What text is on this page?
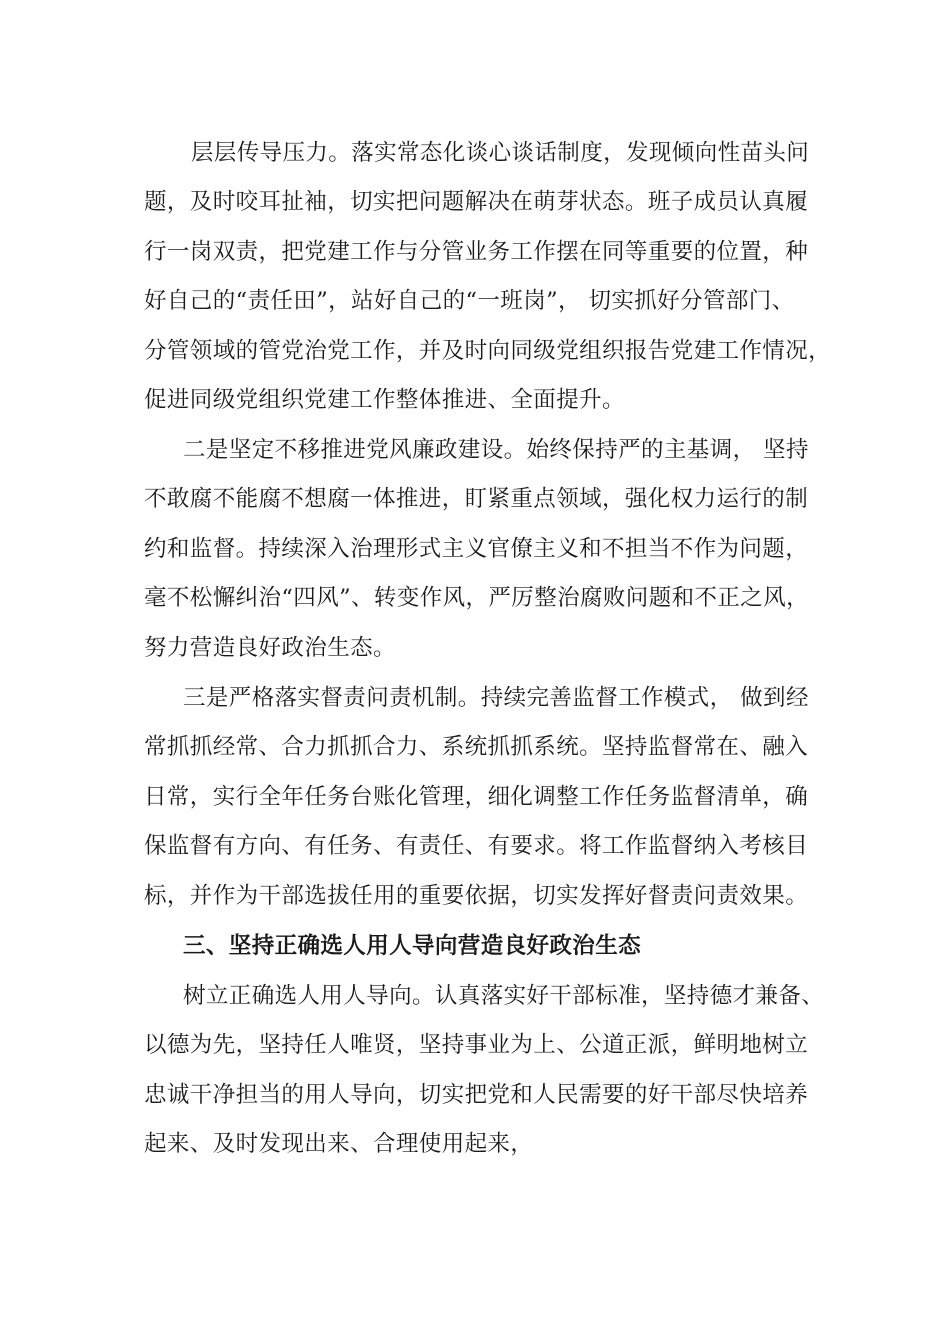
　层层传导压力。落实常态化谈心谈话制度，发现倾向性苗头问
题，及时咬耳扯袖，切实把问题解决在萌芽状态。班子成员认真履
行一岗双责，把党建工作与分管业务工作摆在同等重要的位置，种
好自己的“责任田”，站好自己的“一班岗”， 切实抓好分管部门、
分管领域的管党治党工作，并及时向同级党组织报告党建工作情况，
促进同级党组织党建工作整体推进、全面提升。
二是坚定不移推进党风廉政建设。始终保持严的主基调， 坚持
不敢腐不能腐不想腐一体推进，盯紧重点领域，强化权力运行的制
约和监督。持续深入治理形式主义官僚主义和不担当不作为问题，
毫不松懈纠治“四风”、转变作风，严厉整治腐败问题和不正之风，
努力营造良好政治生态。
三是严格落实督责问责机制。持续完善监督工作模式， 做到经
常抓抓经常、合力抓抓合力、系统抓抓系统。坚持监督常在、融入
日常，实行全年任务台账化管理，细化调整工作任务监督清单，确
保监督有方向、有任务、有责任、有要求。将工作监督纳入考核目
标，并作为干部选拔任用的重要依据，切实发挥好督责问责效果。
三、坚持正确选人用人导向营造良好政治生态
树立正确选人用人导向。认真落实好干部标准，坚持德才兼备、
以德为先，坚持任人唯贤，坚持事业为上、公道正派，鲜明地树立
忠诚干净担当的用人导向，切实把党和人民需要的好干部尽快培养
起来、及时发现出来、合理使用起来，
